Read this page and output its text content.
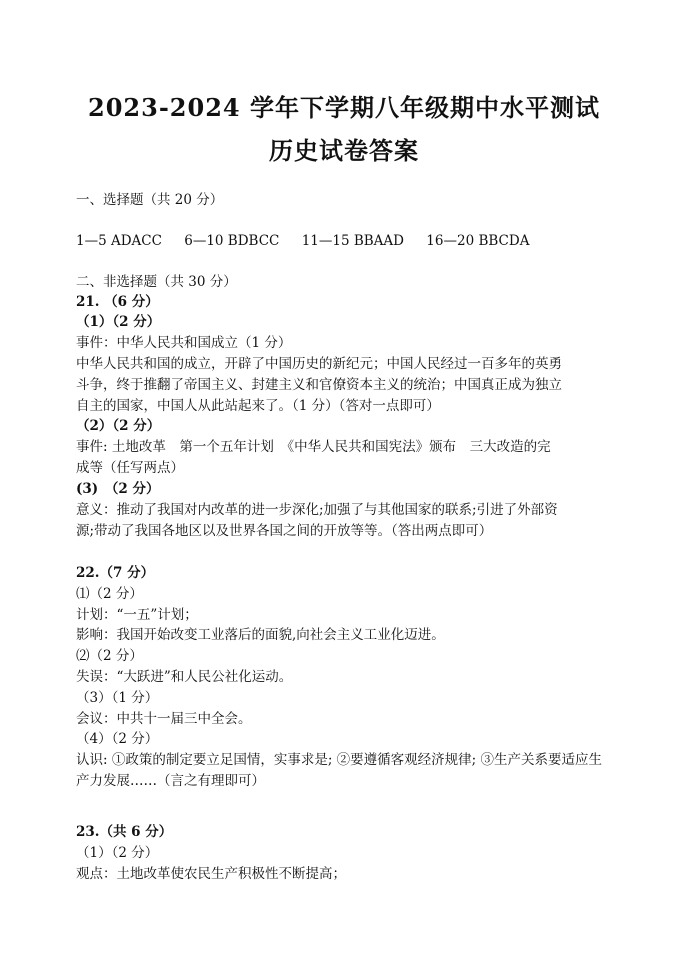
2023-2024 学年下学期八年级期中水平测试
历史试卷答案
一、选择题（共 20 分）
1—5 ADACC 6—10 BDBCC 11—15 BBAAD 16—20 BBCDA
二、非选择题（共 30 分）
21. （6 分）
（1）（2 分）
事件：中华人民共和国成立（1 分）
中华人民共和国的成立，开辟了中国历史的新纪元；中国人民经过一百多年的英勇
斗争，终于推翻了帝国主义、封建主义和官僚资本主义的统治；中国真正成为独立
自主的国家，中国人从此站起来了。（1 分）（答对一点即可）
（2）（2 分）
事件: 土地改革　第一个五年计划　《中华人民共和国宪法》颁布　三大改造的完
成等（任写两点）
(3)　（2 分）
意义：推动了我国对内改革的进一步深化;加强了与其他国家的联系;引进了外部资
源;带动了我国各地区以及世界各国之间的开放等等。（答出两点即可）
22.（7 分）
⑴（2 分）
计划：“一五”计划；
影响：我国开始改变工业落后的面貌,向社会主义工业化迈进。
⑵（2 分）
失误：“大跃进”和人民公社化运动。
（3）（1 分）
会议：中共十一届三中全会。
（4）（2 分）
认识: ①政策的制定要立足国情，实事求是; ②要遵循客观经济规律; ③生产关系要适应生
产力发展……（言之有理即可）
23.（共 6 分）
（1）（2 分）
观点：土地改革使农民生产积极性不断提高；
